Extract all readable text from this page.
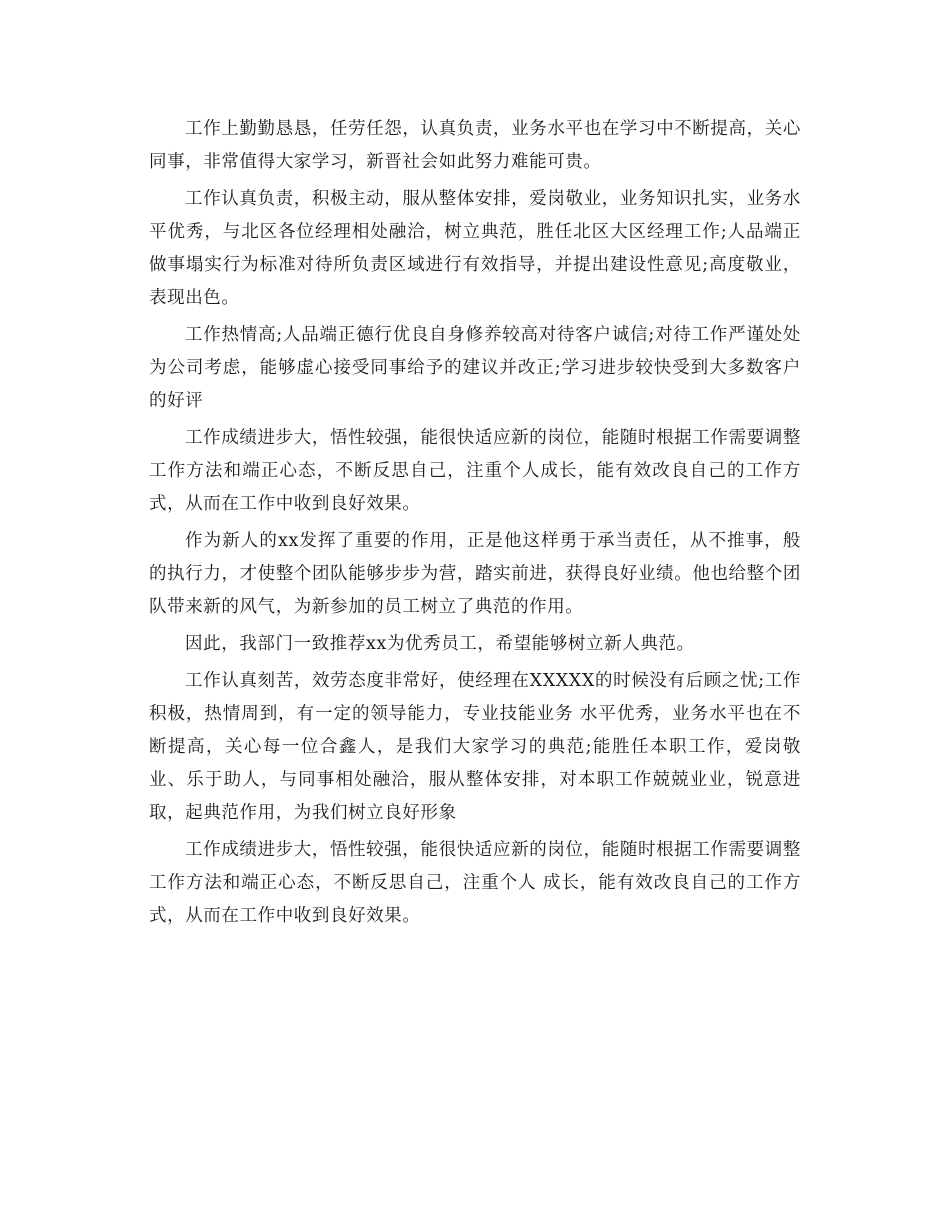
工作上勤勤恳恳，任劳任怨，认真负责，业务水平也在学习中不断提高，关心同事，非常值得大家学习，新晋社会如此努力难能可贵。

工作认真负责，积极主动，服从整体安排，爱岗敬业，业务知识扎实，业务水平优秀，与北区各位经理相处融洽，树立典范，胜任北区大区经理工作;人品端正做事塌实行为标准对待所负责区域进行有效指导，并提出建设性意见;高度敬业，表现出色。

工作热情高;人品端正德行优良自身修养较高对待客户诚信;对待工作严谨处处为公司考虑，能够虚心接受同事给予的建议并改正;学习进步较快受到大多数客户的好评

工作成绩进步大，悟性较强，能很快适应新的岗位，能随时根据工作需要调整工作方法和端正心态，不断反思自己，注重个人成长，能有效改良自己的工作方式，从而在工作中收到良好效果。

作为新人的xx发挥了重要的作用，正是他这样勇于承当责任，从不推事，般的执行力，才使整个团队能够步步为营，踏实前进，获得良好业绩。他也给整个团队带来新的风气，为新参加的员工树立了典范的作用。

因此，我部门一致推荐xx为优秀员工，希望能够树立新人典范。

工作认真刻苦，效劳态度非常好，使经理在XXXXX的时候没有后顾之忧;工作积极，热情周到，有一定的领导能力，专业技能业务 水平优秀，业务水平也在不断提高，关心每一位合鑫人，是我们大家学习的典范;能胜任本职工作，爱岗敬业、乐于助人，与同事相处融洽，服从整体安排，对本职工作兢兢业业，锐意进取，起典范作用，为我们树立良好形象

工作成绩进步大，悟性较强，能很快适应新的岗位，能随时根据工作需要调整工作方法和端正心态，不断反思自己，注重个人 成长，能有效改良自己的工作方式，从而在工作中收到良好效果。
